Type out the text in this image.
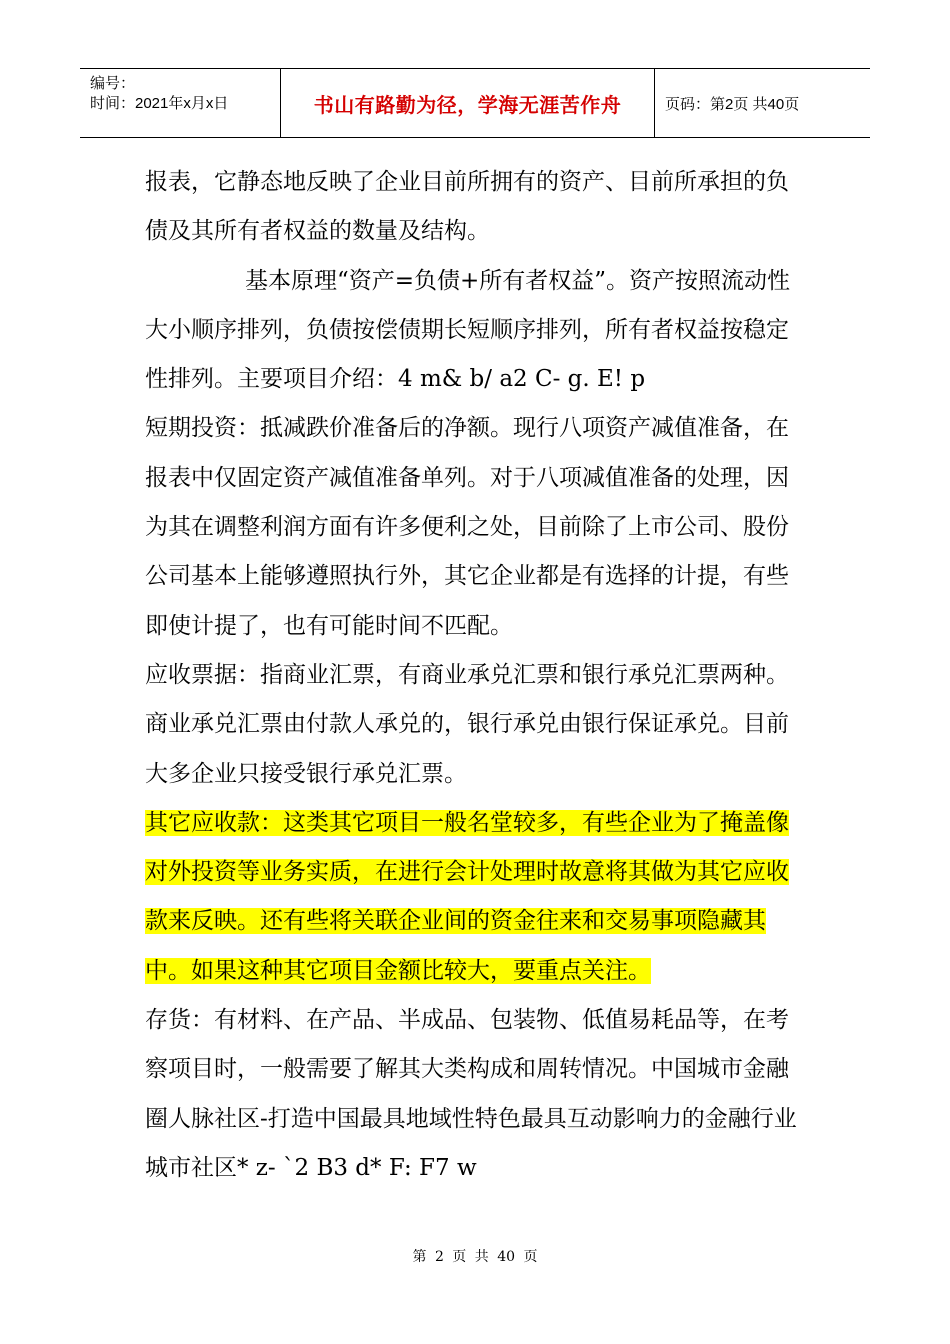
编号：
时间：2021年x月x日	书山有路勤为径，学海无涯苦作舟	页码：第2页 共40页

报表，它静态地反映了企业目前所拥有的资产、目前所承担的负债及其所有者权益的数量及结构。

基本原理“资产=负债+所有者权益”。资产按照流动性大小顺序排列，负债按偿债期长短顺序排列，所有者权益按稳定性排列。主要项目介绍：4 m& b/ a2 C- g. E! p

短期投资：抵减跌价准备后的净额。现行八项资产减值准备，在报表中仅固定资产减值准备单列。对于八项减值准备的处理，因为其在调整利润方面有许多便利之处，目前除了上市公司、股份公司基本上能够遵照执行外，其它企业都是有选择的计提，有些即使计提了，也有可能时间不匹配。

应收票据：指商业汇票，有商业承兑汇票和银行承兑汇票两种。商业承兑汇票由付款人承兑的，银行承兑由银行保证承兑。目前大多企业只接受银行承兑汇票。

其它应收款：这类其它项目一般名堂较多，有些企业为了掩盖像对外投资等业务实质，在进行会计处理时故意将其做为其它应收款来反映。还有些将关联企业间的资金往来和交易事项隐藏其中。如果这种其它项目金额比较大，要重点关注。

存货：有材料、在产品、半成品、包装物、低值易耗品等，在考察项目时，一般需要了解其大类构成和周转情况。中国城市金融圈人脉社区-打造中国最具地域性特色最具互动影响力的金融行业城市社区* z- `2 B3 d* F: F7 w

第 2 页 共 40 页
